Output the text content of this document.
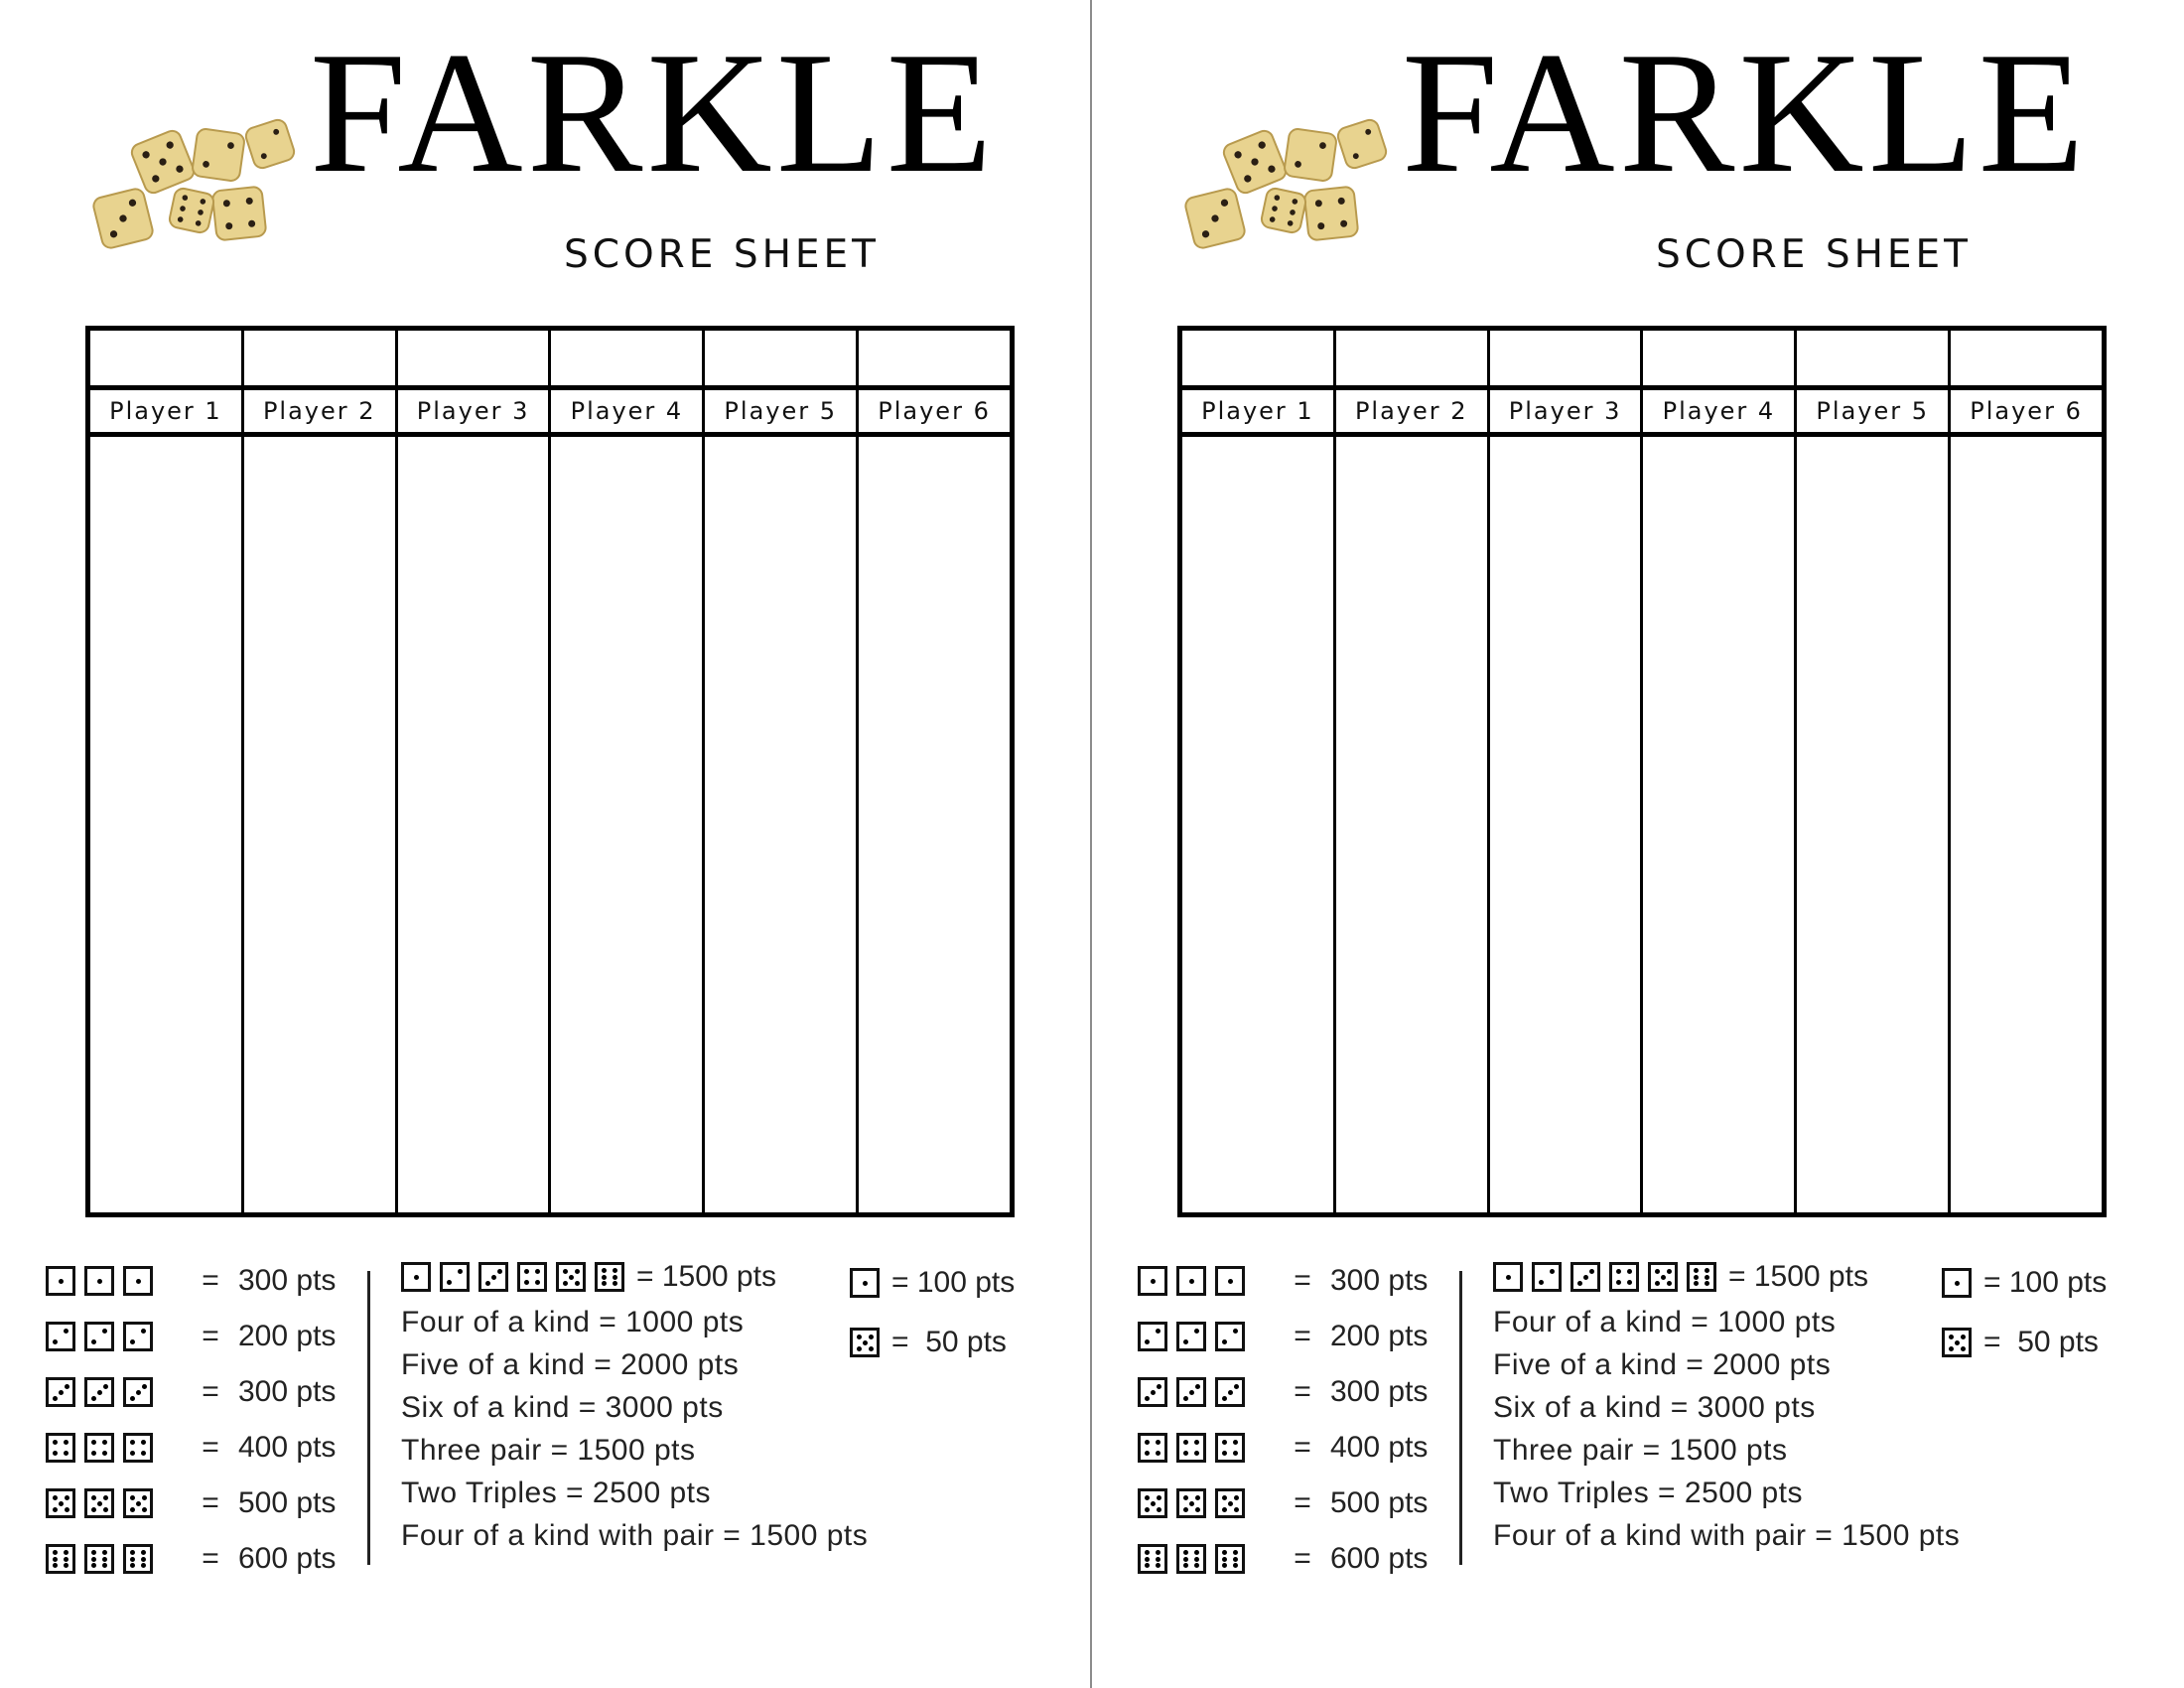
FARKLE
SCORE SHEET
Player 1	Player 2	Player 3	Player 4	Player 5	Player 6
= 300 pts
= 200 pts
= 300 pts
= 400 pts
= 500 pts
= 600 pts
= 1500 pts
Four of a kind = 1000 pts
Five of a kind = 2000 pts
Six of a kind = 3000 pts
Three pair = 1500 pts
Two Triples = 2500 pts
Four of a kind with pair = 1500 pts
= 100 pts
=  50 pts
FARKLE
SCORE SHEET
Player 1	Player 2	Player 3	Player 4	Player 5	Player 6
= 300 pts
= 200 pts
= 300 pts
= 400 pts
= 500 pts
= 600 pts
= 1500 pts
Four of a kind = 1000 pts
Five of a kind = 2000 pts
Six of a kind = 3000 pts
Three pair = 1500 pts
Two Triples = 2500 pts
Four of a kind with pair = 1500 pts
= 100 pts
=  50 pts
